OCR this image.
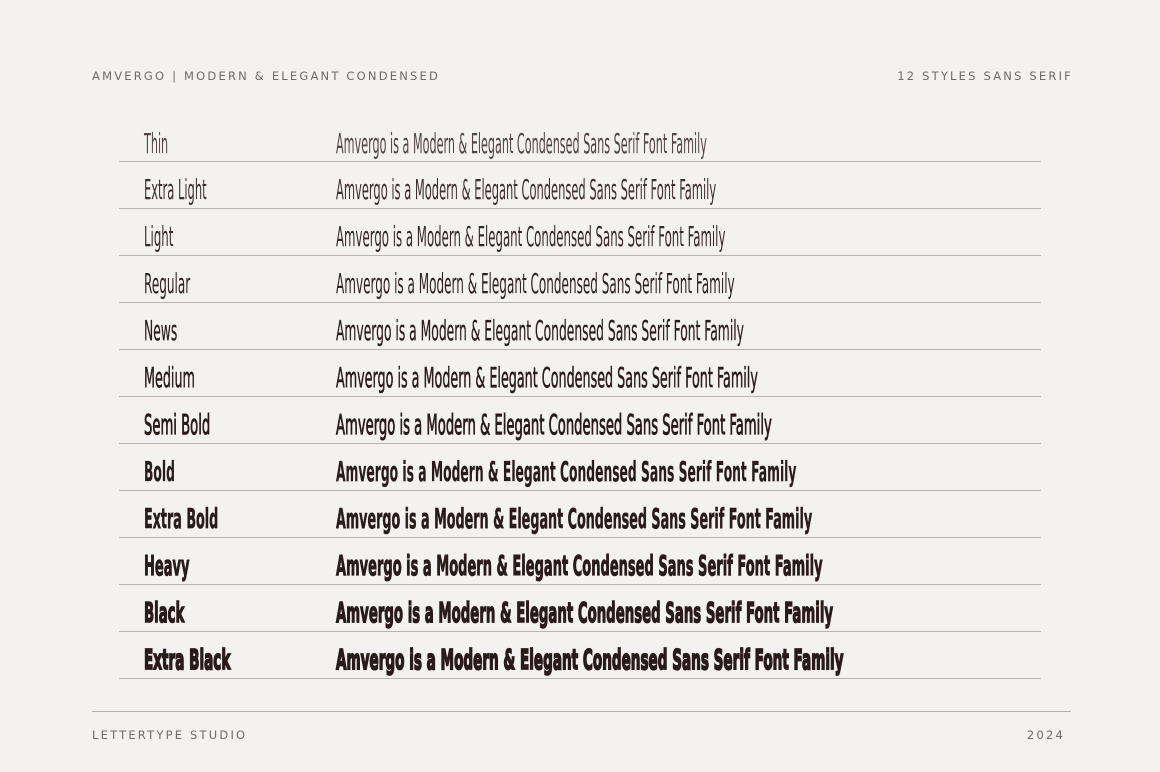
AMVERGO | MODERN & ELEGANT CONDENSED	12 STYLES SANS SERIF
Thin	Amvergo is a Modern & Elegant Condensed Sans Serif Font Family
Extra Light	Amvergo is a Modern & Elegant Condensed Sans Serif Font Family
Light	Amvergo is a Modern & Elegant Condensed Sans Serif Font Family
Regular	Amvergo is a Modern & Elegant Condensed Sans Serif Font Family
News	Amvergo is a Modern & Elegant Condensed Sans Serif Font Family
Medium	Amvergo is a Modern & Elegant Condensed Sans Serif Font Family
Semi Bold	Amvergo is a Modern & Elegant Condensed Sans Serif Font Family
Bold	Amvergo is a Modern & Elegant Condensed Sans Serif Font Family
Extra Bold	Amvergo is a Modern & Elegant Condensed Sans Serif Font Family
Heavy	Amvergo is a Modern & Elegant Condensed Sans Serif Font Family
Black	Amvergo is a Modern & Elegant Condensed Sans Serif Font Family
Extra Black	Amvergo is a Modern & Elegant Condensed Sans Serif Font Family
LETTERTYPE STUDIO	2024
